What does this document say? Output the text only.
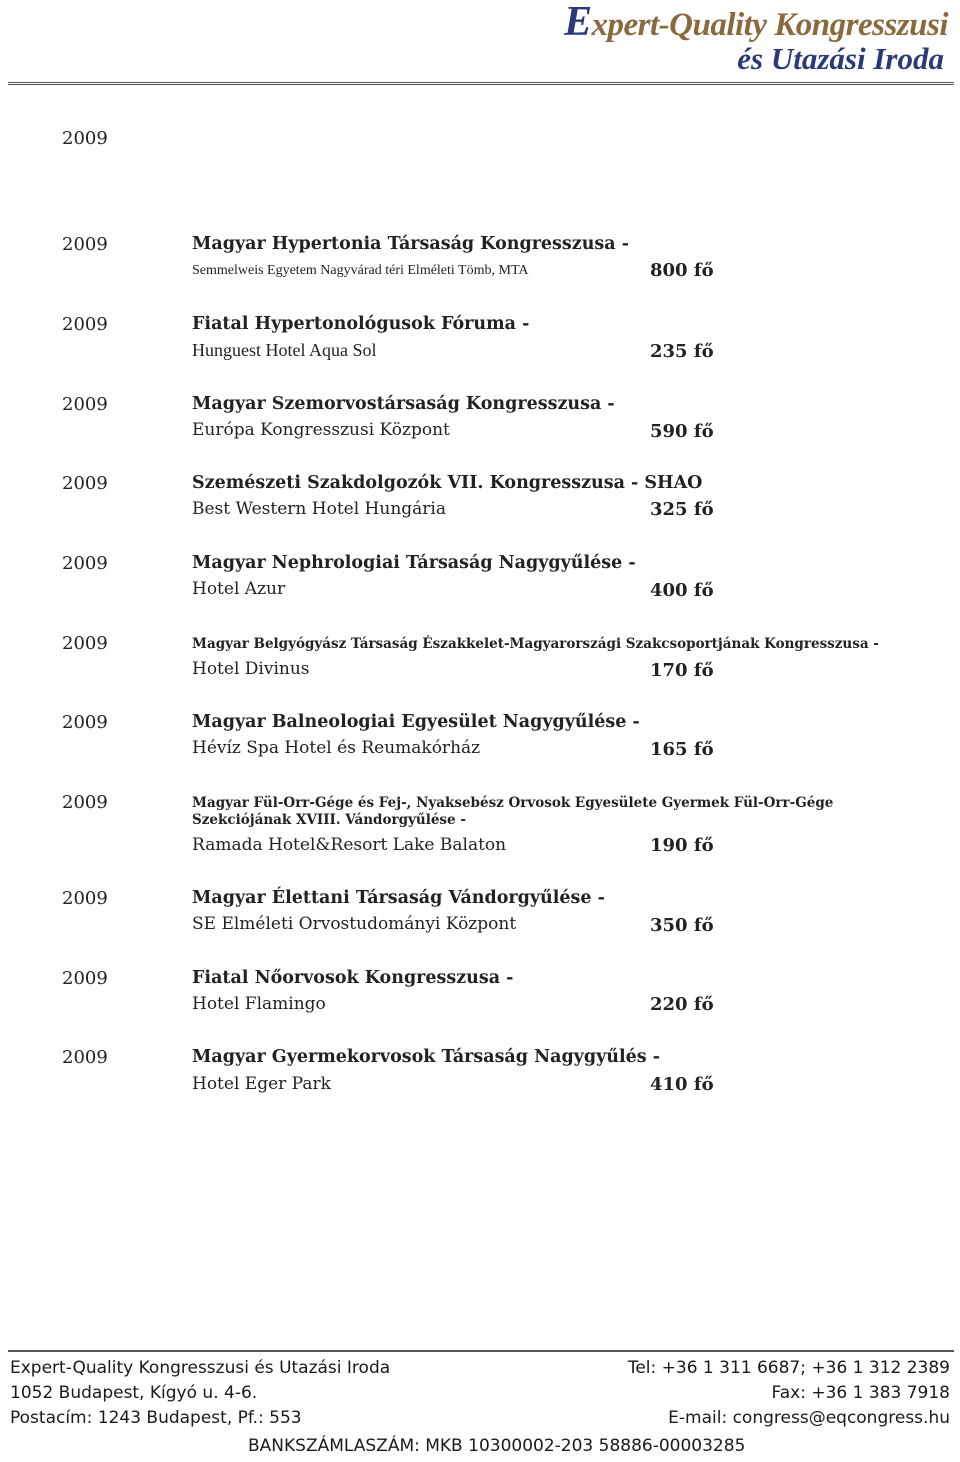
Expert-Quality Kongresszusi
és Utazási Iroda
2009
2009	Magyar Hypertonia Társaság Kongresszusa -
Semmelweis Egyetem Nagyvárad téri Elméleti Tömb, MTA	800 fő
2009	Fiatal Hypertonológusok Fóruma -
Hunguest Hotel Aqua Sol	235 fő
2009	Magyar Szemorvostársaság Kongresszusa -
Európa Kongresszusi Központ	590 fő
2009	Szemészeti Szakdolgozók VII. Kongresszusa - SHAO
Best Western Hotel Hungária	325 fő
2009	Magyar Nephrologiai Társaság Nagygyűlése -
Hotel Azur	400 fő
2009	Magyar Belgyógyász Társaság Északkelet-Magyarországi Szakcsoportjának Kongresszusa -
Hotel Divinus	170 fő
2009	Magyar Balneologiai Egyesület Nagygyűlése -
Hévíz Spa Hotel és Reumakórház	165 fő
2009	Magyar Fül-Orr-Gége és Fej-, Nyaksebész Orvosok Egyesülete Gyermek Fül-Orr-Gége Szekciójának XVIII. Vándorgyűlése -
Ramada Hotel&Resort Lake Balaton	190 fő
2009	Magyar Élettani Társaság Vándorgyűlése -
SE Elméleti Orvostudományi Központ	350 fő
2009	Fiatal Nőorvosok Kongresszusa -
Hotel Flamingo	220 fő
2009	Magyar Gyermekorvosok Társaság Nagygyűlés -
Hotel Eger Park	410 fő
Expert-Quality Kongresszusi és Utazási Iroda
1052 Budapest, Kígyó u. 4-6.
Postacím: 1243 Budapest, Pf.: 553
Tel: +36 1 311 6687; +36 1 312 2389
Fax: +36 1 383 7918
E-mail: congress@eqcongress.hu
BANKSZÁMLASZÁM: MKB 10300002-203 58886-00003285
